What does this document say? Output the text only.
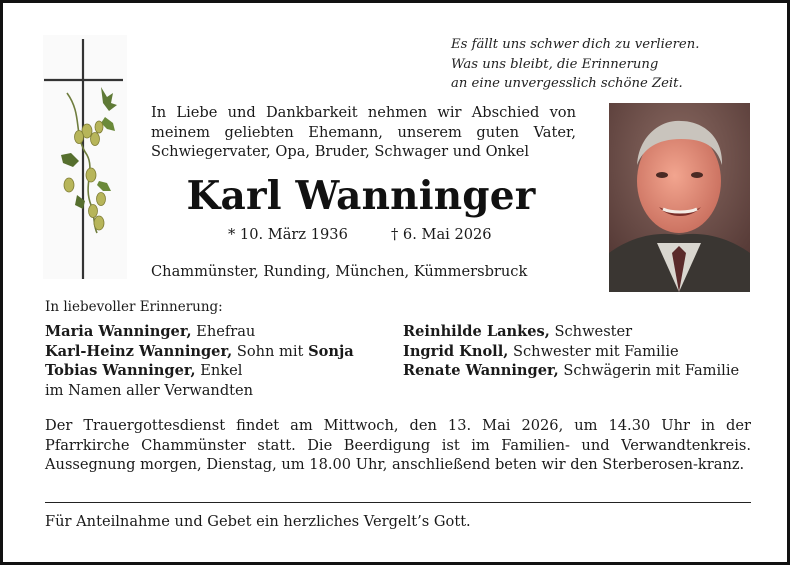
Es fällt uns schwer dich zu verlieren.
Was uns bleibt, die Erinnerung
an eine unvergesslich schöne Zeit.
In Liebe und Dankbarkeit nehmen wir Abschied von meinem geliebten Ehemann, unserem guten Vater, Schwiegervater, Opa, Bruder, Schwager und Onkel
Karl Wanninger
* 10. März 1936	† 6. Mai 2026
Chammünster, Runding, München, Kümmersbruck
In liebevoller Erinnerung:
Maria Wanninger, Ehefrau
Karl-Heinz Wanninger, Sohn mit Sonja
Tobias Wanninger, Enkel
im Namen aller Verwandten
Reinhilde Lankes, Schwester
Ingrid Knoll, Schwester mit Familie
Renate Wanninger, Schwägerin mit Familie
Der Trauergottesdienst findet am Mittwoch, den 13. Mai 2026, um 14.30 Uhr in der Pfarrkirche Chammünster statt. Die Beerdigung ist im Familien- und Verwandtenkreis. Aussegnung morgen, Dienstag, um 18.00 Uhr, anschließend beten wir den Sterberosen-kranz.
Für Anteilnahme und Gebet ein herzliches Vergelt’s Gott.
